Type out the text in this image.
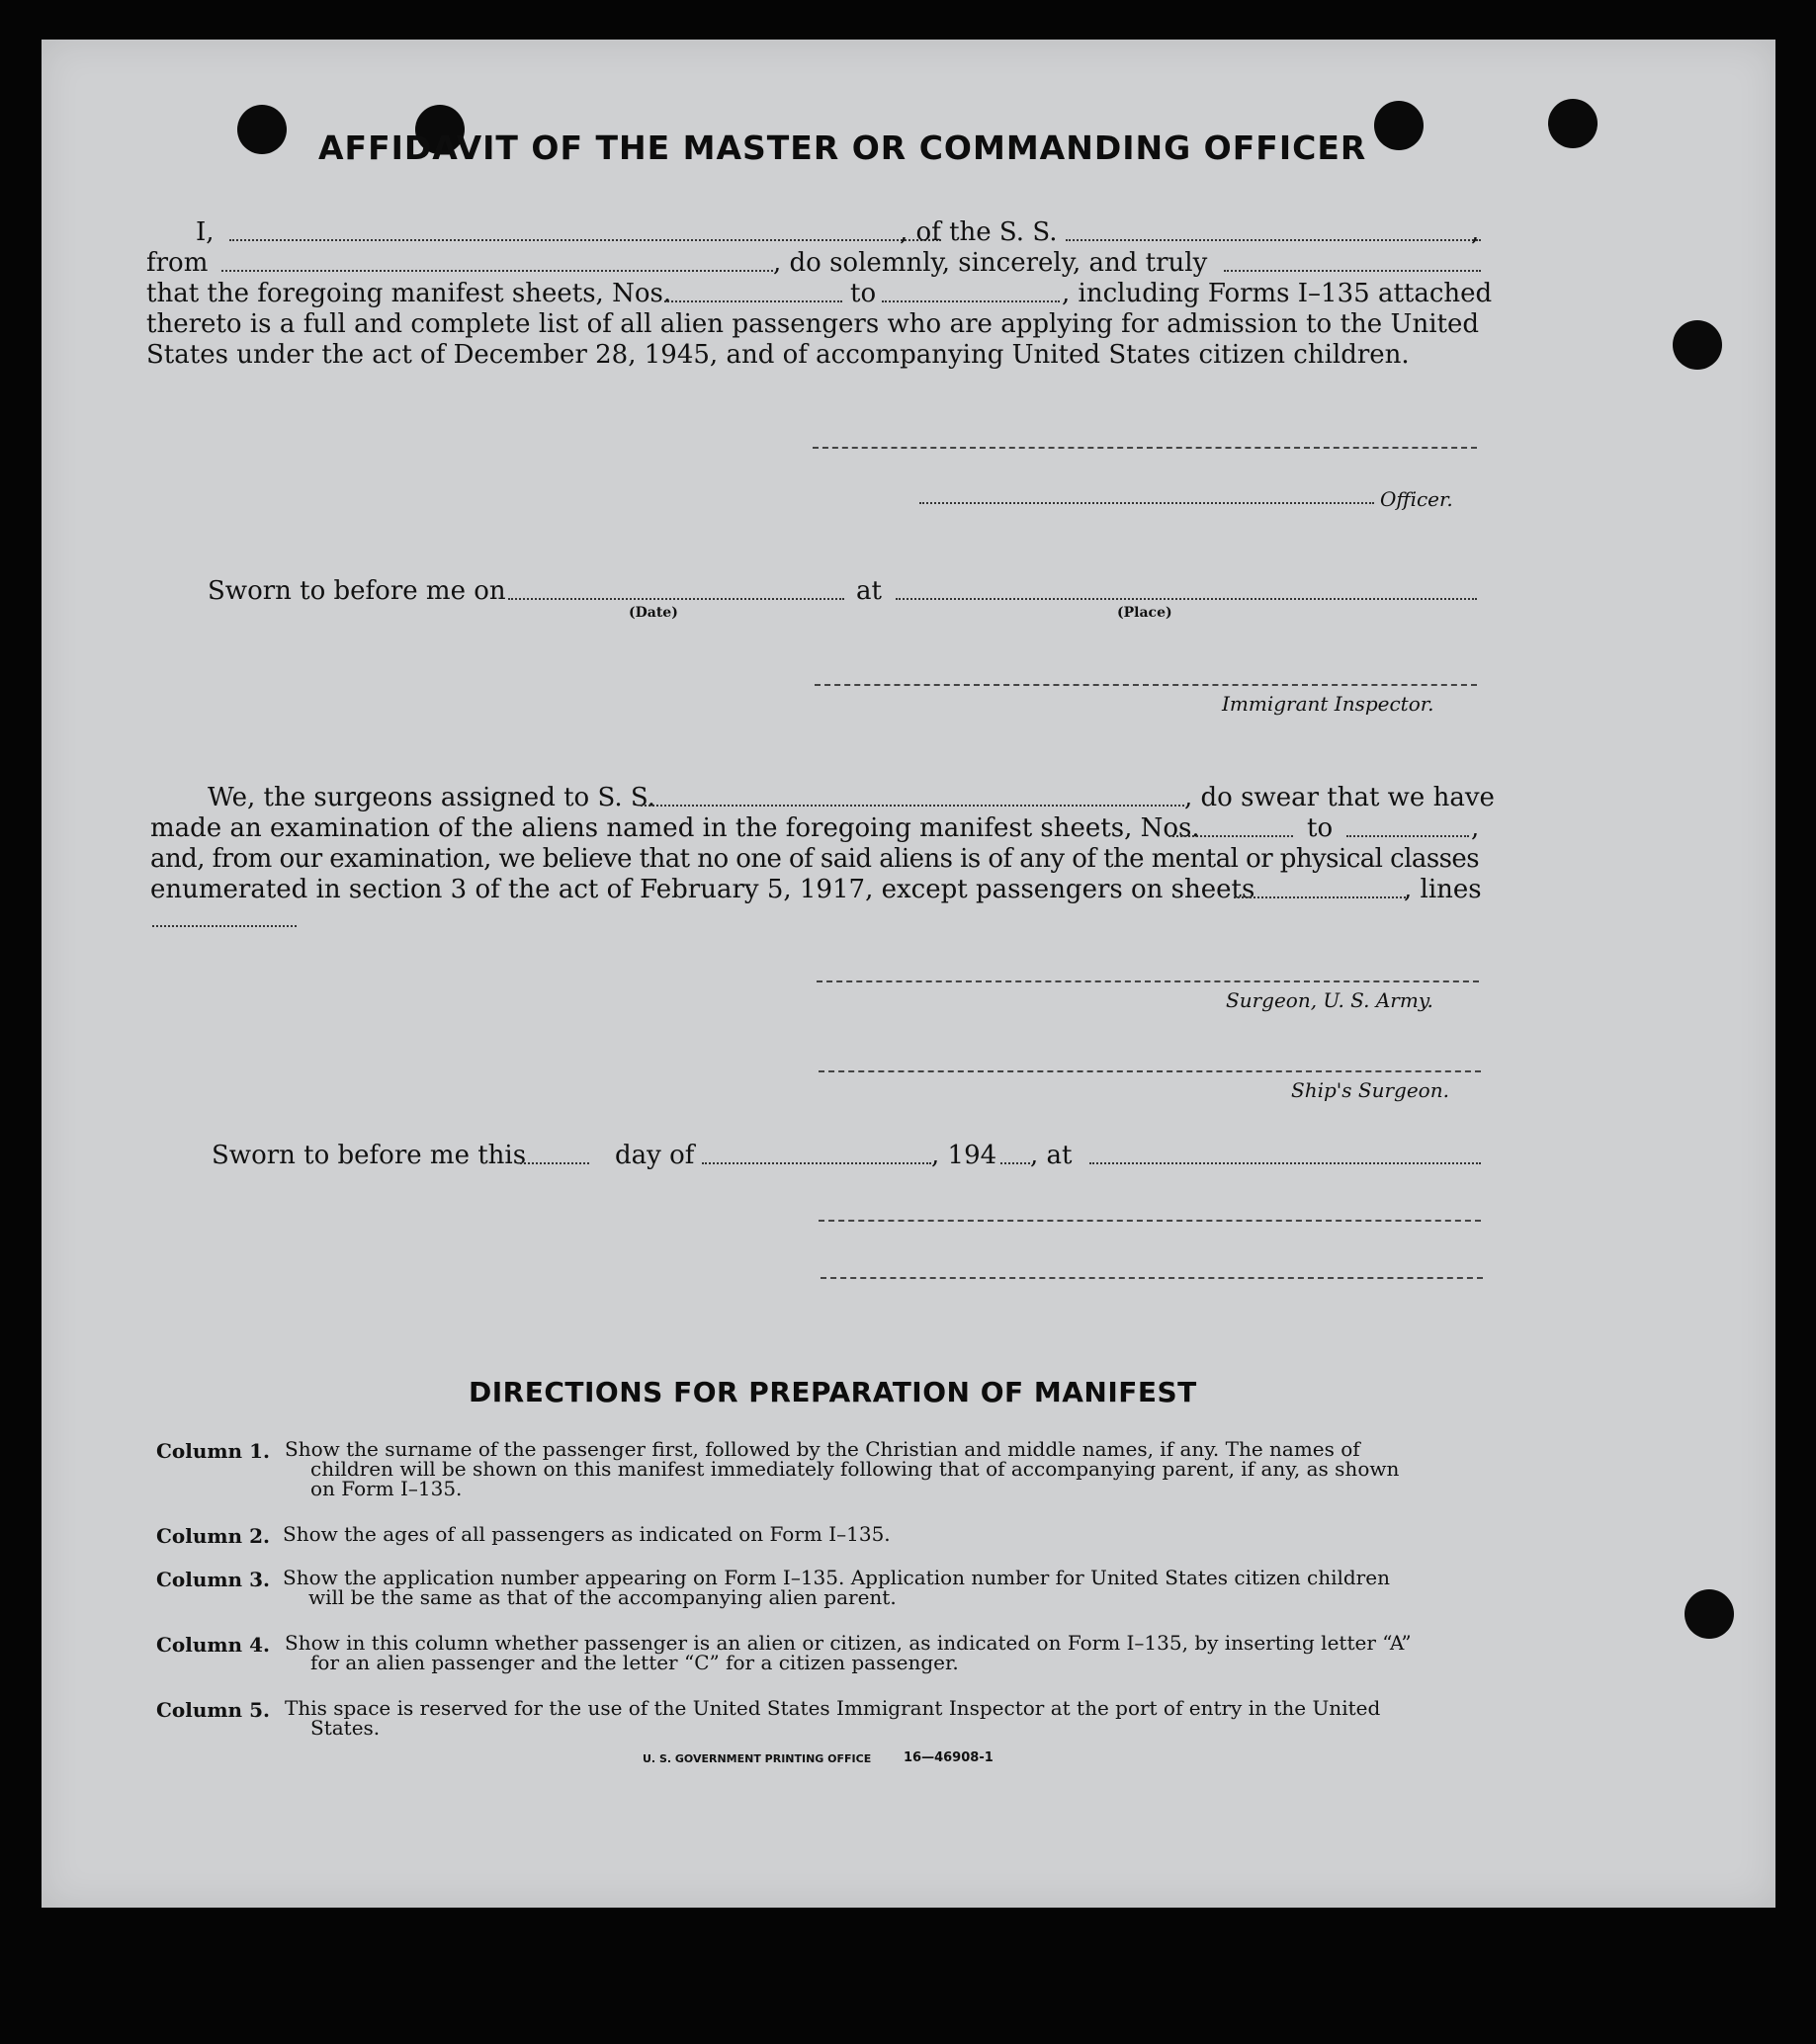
AFFIDAVIT OF THE MASTER OR COMMANDING OFFICER
I,	, of the S. S.	,
from	, do solemnly, sincerely, and truly
that the foregoing manifest sheets, Nos.	to	, including Forms I–135 attached
thereto is a full and complete list of all alien passengers who are applying for admission to the United
States under the act of December 28, 1945, and of accompanying United States citizen children.
Officer.
Sworn to before me on
(Date)
at
(Place)
Immigrant Inspector.
We, the surgeons assigned to S. S.	, do swear that we have
made an examination of the aliens named in the foregoing manifest sheets, Nos.	to	,
and, from our examination, we believe that no one of said aliens is of any of the mental or physical classes
enumerated in section 3 of the act of February 5, 1917, except passengers on sheets	, lines
Surgeon, U. S. Army.
Ship's Surgeon.
Sworn to before me this	day of	, 194 , at
DIRECTIONS FOR PREPARATION OF MANIFEST
Column 1. Show the surname of the passenger first, followed by the Christian and middle names, if any. The names of
children will be shown on this manifest immediately following that of accompanying parent, if any, as shown
on Form I–135.
Column 2. Show the ages of all passengers as indicated on Form I–135.
Column 3. Show the application number appearing on Form I–135. Application number for United States citizen children
will be the same as that of the accompanying alien parent.
Column 4. Show in this column whether passenger is an alien or citizen, as indicated on Form I–135, by inserting letter “A”
for an alien passenger and the letter “C” for a citizen passenger.
Column 5. This space is reserved for the use of the United States Immigrant Inspector at the port of entry in the United
States.
U. S. GOVERNMENT PRINTING OFFICE	16—46908-1
